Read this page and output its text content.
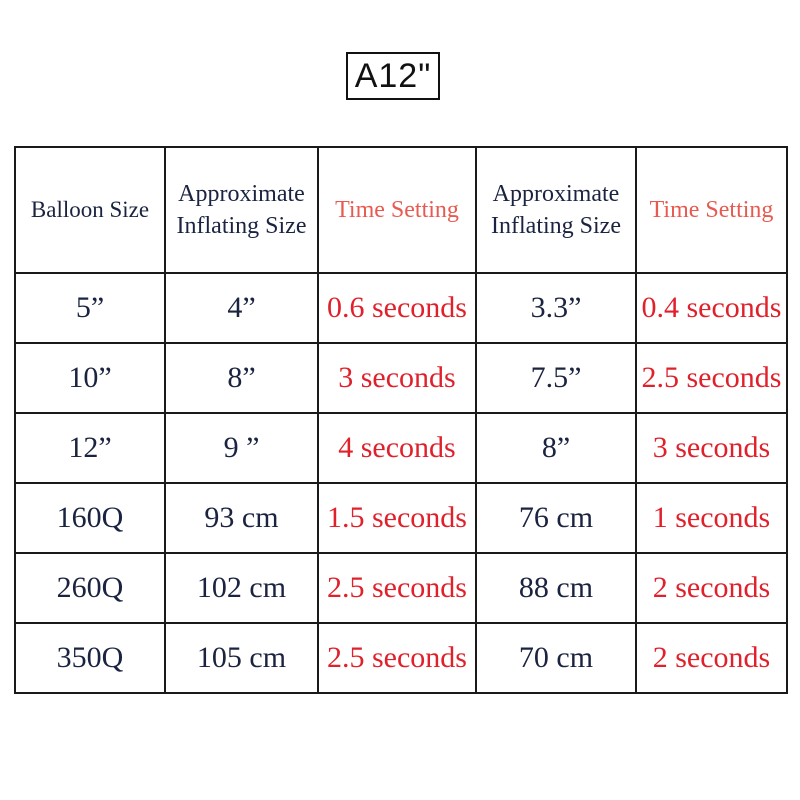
A12"
Balloon Size	Approximate Inflating Size	Time Setting	Approximate Inflating Size	Time Setting
5”	4”	0.6 seconds	3.3”	0.4 seconds
10”	8”	3 seconds	7.5”	2.5 seconds
12”	9 ”	4 seconds	8”	3 seconds
160Q	93 cm	1.5 seconds	76 cm	1 seconds
260Q	102 cm	2.5 seconds	88 cm	2 seconds
350Q	105 cm	2.5 seconds	70 cm	2 seconds
